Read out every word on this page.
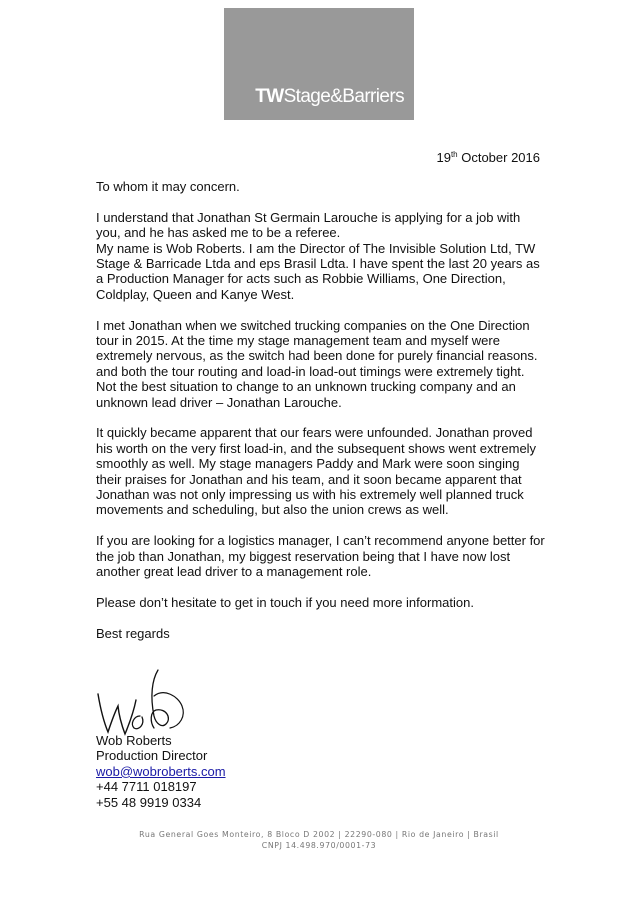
TWStage&Barriers
19th October 2016

To whom it may concern.

I understand that Jonathan St Germain Larouche is applying for a job with
you, and he has asked me to be a referee.
My name is Wob Roberts. I am the Director of The Invisible Solution Ltd, TW
Stage & Barricade Ltda and eps Brasil Ldta. I have spent the last 20 years as
a Production Manager for acts such as Robbie Williams, One Direction,
Coldplay, Queen and Kanye West.

I met Jonathan when we switched trucking companies on the One Direction
tour in 2015. At the time my stage management team and myself were
extremely nervous, as the switch had been done for purely financial reasons.
and both the tour routing and load-in load-out timings were extremely tight.
Not the best situation to change to an unknown trucking company and an
unknown lead driver – Jonathan Larouche.

It quickly became apparent that our fears were unfounded. Jonathan proved
his worth on the very first load-in, and the subsequent shows went extremely
smoothly as well. My stage managers Paddy and Mark were soon singing
their praises for Jonathan and his team, and it soon became apparent that
Jonathan was not only impressing us with his extremely well planned truck
movements and scheduling, but also the union crews as well.

If you are looking for a logistics manager, I can’t recommend anyone better for
the job than Jonathan, my biggest reservation being that I have now lost
another great lead driver to a management role.

Please don’t hesitate to get in touch if you need more information.

Best regards

Wob Roberts
Production Director
wob@wobroberts.com
+44 7711 018197
+55 48 9919 0334
Rua General Goes Monteiro, 8 Bloco D 2002 | 22290-080 | Rio de Janeiro | Brasil
CNPJ 14.498.970/0001-73
